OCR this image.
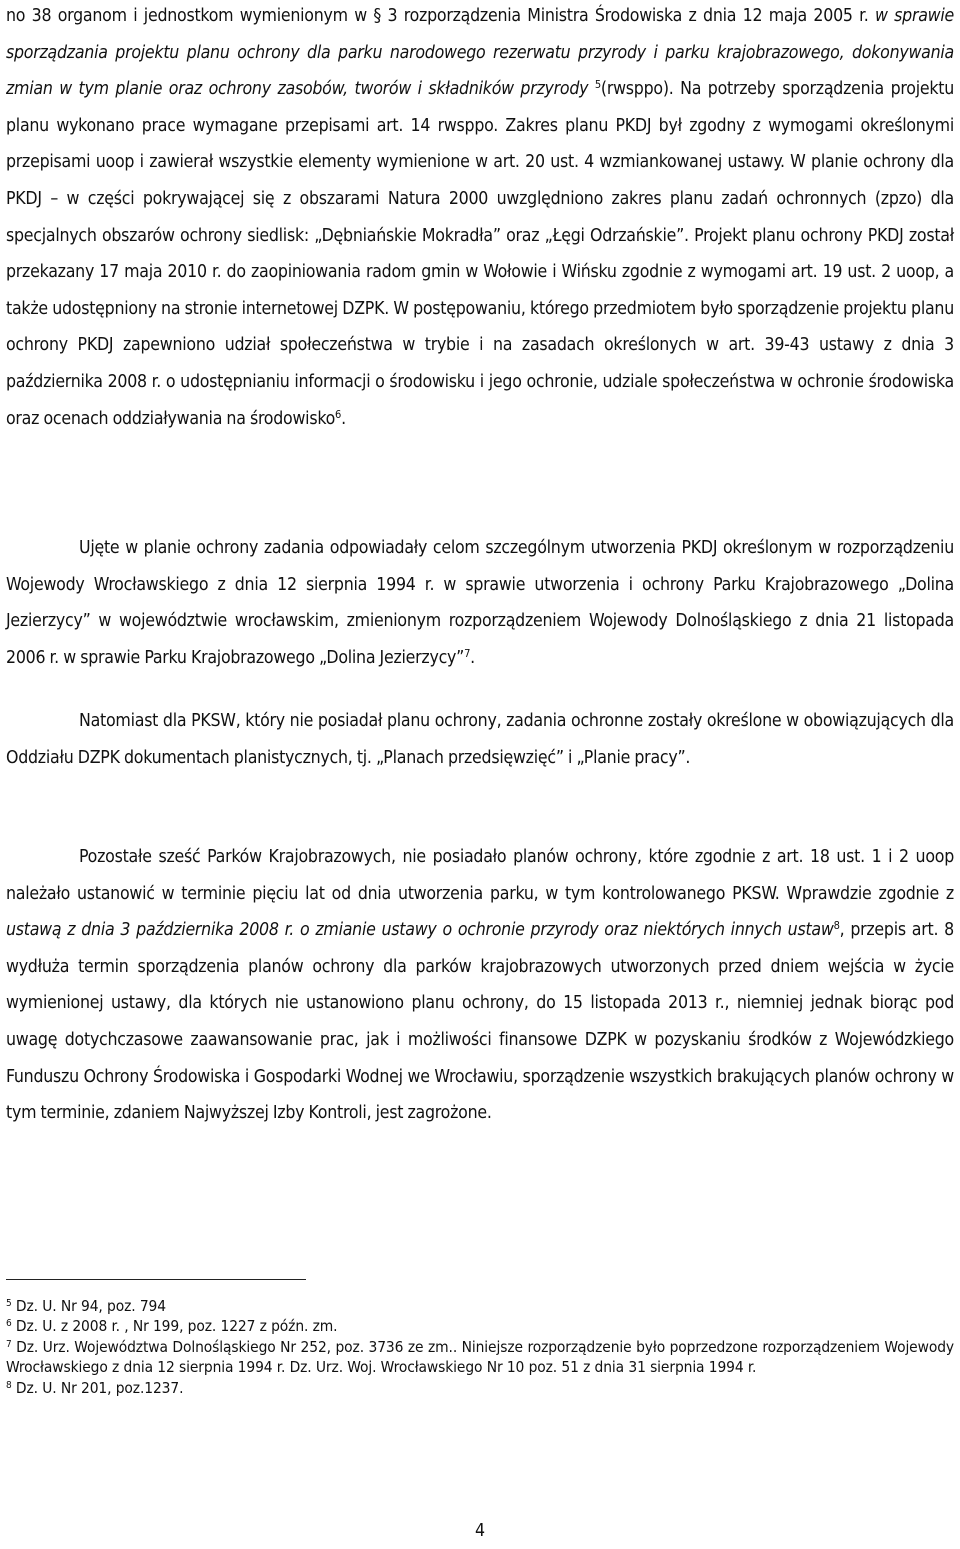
no 38 organom i jednostkom wymienionym w § 3 rozporządzenia Ministra Środowiska z dnia 12 maja 2005 r. w sprawie sporządzania projektu planu ochrony dla parku narodowego rezerwatu przyrody i parku krajobrazowego, dokonywania zmian w tym planie oraz ochrony zasobów, tworów i składników przyrody $^5$(rwsppo). Na potrzeby sporządzenia projektu planu wykonano prace wymagane przepisami art. 14 rwsppo. Zakres planu PKDJ był zgodny z wymogami określonymi przepisami uoop i zawierał wszystkie elementy wymienione w art. 20 ust. 4 wzmiankowanej ustawy. W planie ochrony dla PKDJ – w części pokrywającej się z obszarami Natura 2000 uwzględniono zakres planu zadań ochronnych (zpzo) dla specjalnych obszarów ochrony siedlisk: „Dębniańskie Mokradła” oraz „Łęgi Odrzańskie”. Projekt planu ochrony PKDJ został przekazany 17 maja 2010 r. do zaopiniowania radom gmin w Wołowie i Wińsku zgodnie z wymogami art. 19 ust. 2 uoop, a także udostępniony na stronie internetowej DZPK. W postępowaniu, którego przedmiotem było sporządzenie projektu planu ochrony PKDJ zapewniono udział społeczeństwa w trybie i na zasadach określonych w art. 39-43 ustawy z dnia 3 października 2008 r. o udostępnianiu informacji o środowisku i jego ochronie, udziale społeczeństwa w ochronie środowiska oraz ocenach oddziaływania na środowisko$^6$.

Ujęte w planie ochrony zadania odpowiadały celom szczególnym utworzenia PKDJ określonym w rozporządzeniu Wojewody Wrocławskiego z dnia 12 sierpnia 1994 r. w sprawie utworzenia i ochrony Parku Krajobrazowego „Dolina Jezierzycy” w województwie wrocławskim, zmienionym rozporządzeniem Wojewody Dolnośląskiego z dnia 21 listopada 2006 r. w sprawie Parku Krajobrazowego „Dolina Jezierzycy”$^7$.

Natomiast dla PKSW, który nie posiadał planu ochrony, zadania ochronne zostały określone w obowiązujących dla Oddziału DZPK dokumentach planistycznych, tj. „Planach przedsięwzięć” i „Planie pracy”.

Pozostałe sześć Parków Krajobrazowych, nie posiadało planów ochrony, które zgodnie z art. 18 ust. 1 i 2 uoop należało ustanowić w terminie pięciu lat od dnia utworzenia parku, w tym kontrolowanego PKSW. Wprawdzie zgodnie z ustawą z dnia 3 października 2008 r. o zmianie ustawy o ochronie przyrody oraz niektórych innych ustaw$^8$, przepis art. 8 wydłuża termin sporządzenia planów ochrony dla parków krajobrazowych utworzonych przed dniem wejścia w życie wymienionej ustawy, dla których nie ustanowiono planu ochrony, do 15 listopada 2013 r., niemniej jednak biorąc pod uwagę dotychczasowe zaawansowanie prac, jak i możliwości finansowe DZPK w pozyskaniu środków z Wojewódzkiego Funduszu Ochrony Środowiska i Gospodarki Wodnej we Wrocławiu, sporządzenie wszystkich brakujących planów ochrony w tym terminie, zdaniem Najwyższej Izby Kontroli, jest zagrożone.

$^5$ Dz. U. Nr 94, poz. 794

$^6$ Dz. U. z 2008 r. , Nr 199, poz. 1227 z późn. zm.

$^7$ Dz. Urz. Województwa Dolnośląskiego Nr 252, poz. 3736 ze zm.. Niniejsze rozporządzenie było poprzedzone rozporządzeniem Wojewody Wrocławskiego z dnia 12 sierpnia 1994 r. Dz. Urz. Woj. Wrocławskiego Nr 10 poz. 51 z dnia 31 sierpnia 1994 r.

$^8$ Dz. U. Nr 201, poz.1237.

4
